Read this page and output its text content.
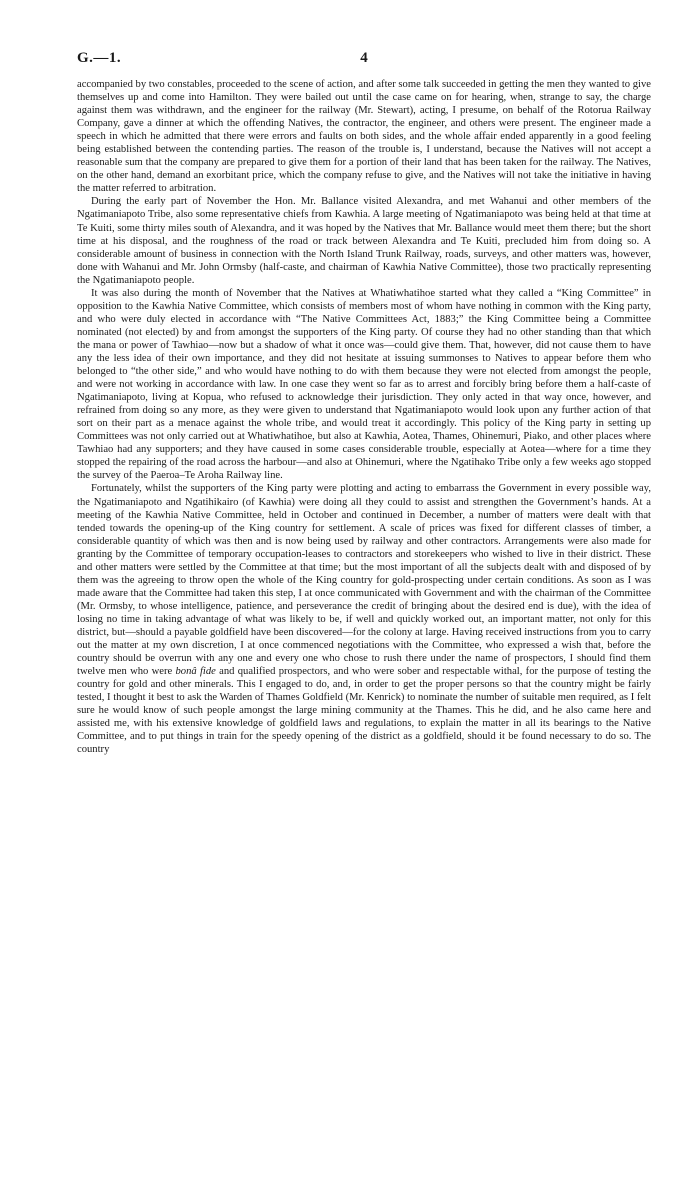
G.—1.	4

accompanied by two constables, proceeded to the scene of action, and after some talk succeeded in getting the men they wanted to give themselves up and come into Hamilton. They were bailed out until the case came on for hearing, when, strange to say, the charge against them was withdrawn, and the engineer for the railway (Mr. Stewart), acting, I presume, on behalf of the Rotorua Railway Company, gave a dinner at which the offending Natives, the contractor, the engineer, and others were present. The engineer made a speech in which he admitted that there were errors and faults on both sides, and the whole affair ended apparently in a good feeling being established between the contending parties. The reason of the trouble is, I understand, because the Natives will not accept a reasonable sum that the company are prepared to give them for a portion of their land that has been taken for the railway. The Natives, on the other hand, demand an exorbitant price, which the company refuse to give, and the Natives will not take the initiative in having the matter referred to arbitration.

During the early part of November the Hon. Mr. Ballance visited Alexandra, and met Wahanui and other members of the Ngatimaniapoto Tribe, also some representative chiefs from Kawhia. A large meeting of Ngatimaniapoto was being held at that time at Te Kuiti, some thirty miles south of Alexandra, and it was hoped by the Natives that Mr. Ballance would meet them there; but the short time at his disposal, and the roughness of the road or track between Alexandra and Te Kuiti, precluded him from doing so. A considerable amount of business in connection with the North Island Trunk Railway, roads, surveys, and other matters was, however, done with Wahanui and Mr. John Ormsby (half-caste, and chairman of Kawhia Native Committee), those two practically representing the Ngatimaniapoto people.

It was also during the month of November that the Natives at Whatiwhatihoe started what they called a “King Committee” in opposition to the Kawhia Native Committee, which consists of members most of whom have nothing in common with the King party, and who were duly elected in accordance with “The Native Committees Act, 1883;” the King Committee being a Committee nominated (not elected) by and from amongst the supporters of the King party. Of course they had no other standing than that which the mana or power of Tawhiao—now but a shadow of what it once was—could give them. That, however, did not cause them to have any the less idea of their own importance, and they did not hesitate at issuing summonses to Natives to appear before them who belonged to “the other side,” and who would have nothing to do with them because they were not elected from amongst the people, and were not working in accordance with law. In one case they went so far as to arrest and forcibly bring before them a half-caste of Ngatimaniapoto, living at Kopua, who refused to acknowledge their jurisdiction. They only acted in that way once, however, and refrained from doing so any more, as they were given to understand that Ngatimaniapoto would look upon any further action of that sort on their part as a menace against the whole tribe, and would treat it accordingly. This policy of the King party in setting up Committees was not only carried out at Whatiwhatihoe, but also at Kawhia, Aotea, Thames, Ohinemuri, Piako, and other places where Tawhiao had any supporters; and they have caused in some cases considerable trouble, especially at Aotea—where for a time they stopped the repairing of the road across the harbour—and also at Ohinemuri, where the Ngatihako Tribe only a few weeks ago stopped the survey of the Paeroa–Te Aroha Railway line.

Fortunately, whilst the supporters of the King party were plotting and acting to embarrass the Government in every possible way, the Ngatimaniapoto and Ngatihikairo (of Kawhia) were doing all they could to assist and strengthen the Government’s hands. At a meeting of the Kawhia Native Committee, held in October and continued in December, a number of matters were dealt with that tended towards the opening-up of the King country for settlement. A scale of prices was fixed for different classes of timber, a considerable quantity of which was then and is now being used by railway and other contractors. Arrangements were also made for granting by the Committee of temporary occupation-leases to contractors and storekeepers who wished to live in their district. These and other matters were settled by the Committee at that time; but the most important of all the subjects dealt with and disposed of by them was the agreeing to throw open the whole of the King country for gold-prospecting under certain conditions. As soon as I was made aware that the Committee had taken this step, I at once communicated with Government and with the chairman of the Committee (Mr. Ormsby, to whose intelligence, patience, and perseverance the credit of bringing about the desired end is due), with the idea of losing no time in taking advantage of what was likely to be, if well and quickly worked out, an important matter, not only for this district, but—should a payable goldfield have been discovered—for the colony at large. Having received instructions from you to carry out the matter at my own discretion, I at once commenced negotiations with the Committee, who expressed a wish that, before the country should be overrun with any one and every one who chose to rush there under the name of prospectors, I should find them twelve men who were bonâ fide and qualified prospectors, and who were sober and respectable withal, for the purpose of testing the country for gold and other minerals. This I engaged to do, and, in order to get the proper persons so that the country might be fairly tested, I thought it best to ask the Warden of Thames Goldfield (Mr. Kenrick) to nominate the number of suitable men required, as I felt sure he would know of such people amongst the large mining community at the Thames. This he did, and he also came here and assisted me, with his extensive knowledge of goldfield laws and regulations, to explain the matter in all its bearings to the Native Committee, and to put things in train for the speedy opening of the district as a goldfield, should it be found necessary to do so. The country
